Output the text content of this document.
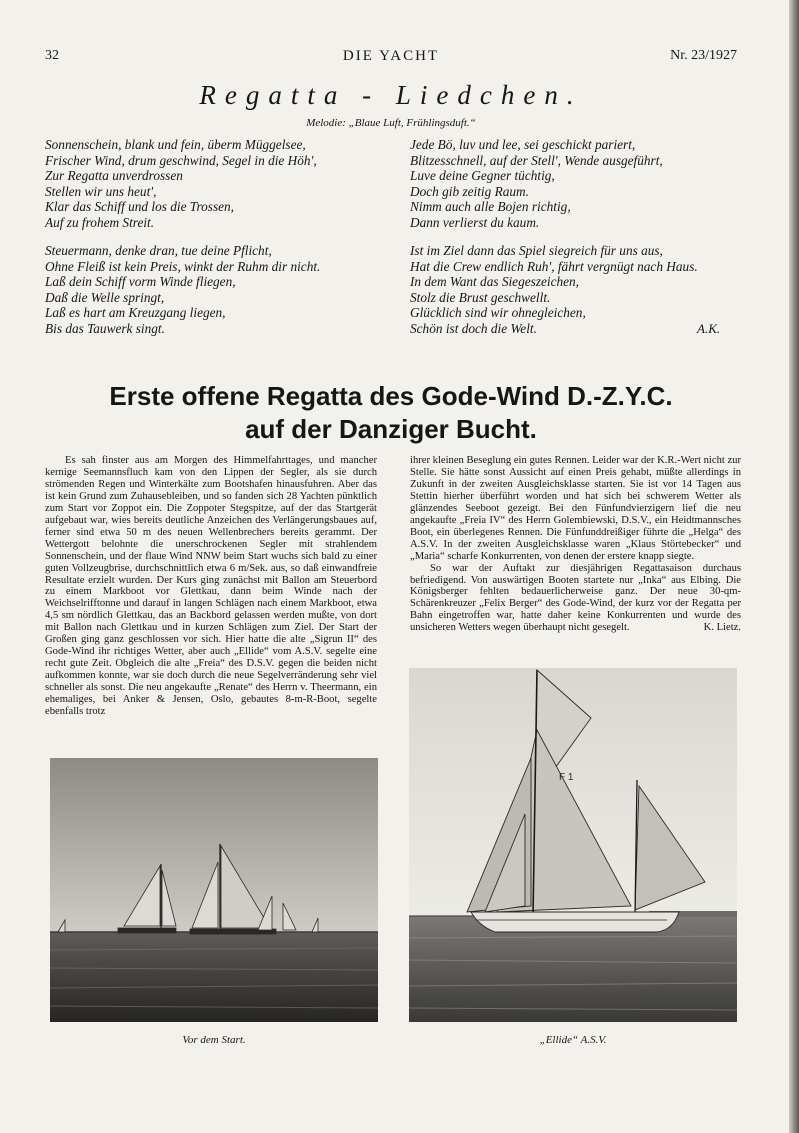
32	DIE YACHT	Nr. 23/1927
Regatta - Liedchen.
Melodie: „Blaue Luft, Frühlingsduft.“
Sonnenschein, blank und fein, überm Müggelsee,
Frischer Wind, drum geschwind, Segel in die Höh',
Zur Regatta unverdrossen
Stellen wir uns heut',
Klar das Schiff und los die Trossen,
Auf zu frohem Streit.
Steuermann, denke dran, tue deine Pflicht,
Ohne Fleiß ist kein Preis, winkt der Ruhm dir nicht.
Laß dein Schiff vorm Winde fliegen,
Daß die Welle springt,
Laß es hart am Kreuzgang liegen,
Bis das Tauwerk singt.
Jede Bö, luv und lee, sei geschickt pariert,
Blitzesschnell, auf der Stell', Wende ausgeführt,
Luve deine Gegner tüchtig,
Doch gib zeitig Raum.
Nimm auch alle Bojen richtig,
Dann verlierst du kaum.
Ist im Ziel dann das Spiel siegreich für uns aus,
Hat die Crew endlich Ruh', fährt vergnügt nach Haus.
In dem Want das Siegeszeichen,
Stolz die Brust geschwellt.
Glücklich sind wir ohnegleichen,
Schön ist doch die Welt.	A.K.
Erste offene Regatta des Gode-Wind D.-Z.Y.C.
auf der Danziger Bucht.

Es sah finster aus am Morgen des Himmelfahrttages, und mancher kernige Seemannsfluch kam von den Lippen der Segler, als sie durch strömenden Regen und Winterkälte zum Bootshafen hinausfuhren. Aber das ist kein Grund zum Zuhausebleiben, und so fanden sich 28 Yachten pünktlich zum Start vor Zoppot ein. Die Zoppoter Stegspitze, auf der das Startgerät aufgebaut war, wies bereits deutliche Anzeichen des Verlängerungsbaues auf, ferner sind etwa 50 m des neuen Wellenbrechers bereits gerammt. Der Wettergott belohnte die unerschrockenen Segler mit strahlendem Sonnenschein, und der flaue Wind NNW beim Start wuchs sich bald zu einer guten Vollzeugbrise, durchschnittlich etwa 6 m/Sek. aus, so daß einwandfreie Resultate erzielt wurden. Der Kurs ging zunächst mit Ballon am Steuerbord zu einem Markboot vor Glettkau, dann beim Winde nach der Weichselrifftonne und darauf in langen Schlägen nach einem Markboot, etwa 4,5 sm nördlich Glettkau, das an Backbord gelassen werden mußte, von dort mit Ballon nach Glettkau und in kurzen Schlägen zum Ziel. Der Start der Großen ging ganz geschlossen vor sich. Hier hatte die alte „Sigrun II“ des Gode-Wind ihr richtiges Wetter, aber auch „Ellide“ vom A.S.V. segelte eine recht gute Zeit. Obgleich die alte „Freia“ des D.S.V. gegen die beiden nicht aufkommen konnte, war sie doch durch die neue Segelverränderung sehr viel schneller als sonst. Die neu angekaufte „Renate“ des Herrn v. Theermann, ein ehemaliges, bei Anker & Jensen, Oslo, gebautes 8-m-R-Boot, segelte ebenfalls trotz

ihrer kleinen Beseglung ein gutes Rennen. Leider war der K.R.-Wert nicht zur Stelle. Sie hätte sonst Aussicht auf einen Preis gehabt, müßte allerdings in Zukunft in der zweiten Ausgleichsklasse starten. Sie ist vor 14 Tagen aus Stettin hierher überführt worden und hat sich bei schwerem Wetter als glänzendes Seeboot gezeigt. Bei den Fünfundvierzigern lief die neu angekaufte „Freia IV“ des Herrn Golembiewski, D.S.V., ein Heidtmannsches Boot, ein überlegenes Rennen. Die Fünfunddreißiger führte die „Helga“ des A.S.V. In der zweiten Ausgleichsklasse waren „Klaus Störtebecker“ und „Maria“ scharfe Konkurrenten, von denen der erstere knapp siegte.

So war der Auftakt zur diesjährigen Regattasaison durchaus befriedigend. Von auswärtigen Booten startete nur „Inka“ aus Elbing. Die Königsberger fehlten bedauerlicherweise ganz. Der neue 30-qm-Schärenkreuzer „Felix Berger“ des Gode-Wind, der kurz vor der Regatta per Bahn eingetroffen war, hatte daher keine Konkurrenten und wurde des unsicheren Wetters wegen überhaupt nicht gesegelt.	K. Lietz.
Vor dem Start.
F 1
„Ellide“ A.S.V.
